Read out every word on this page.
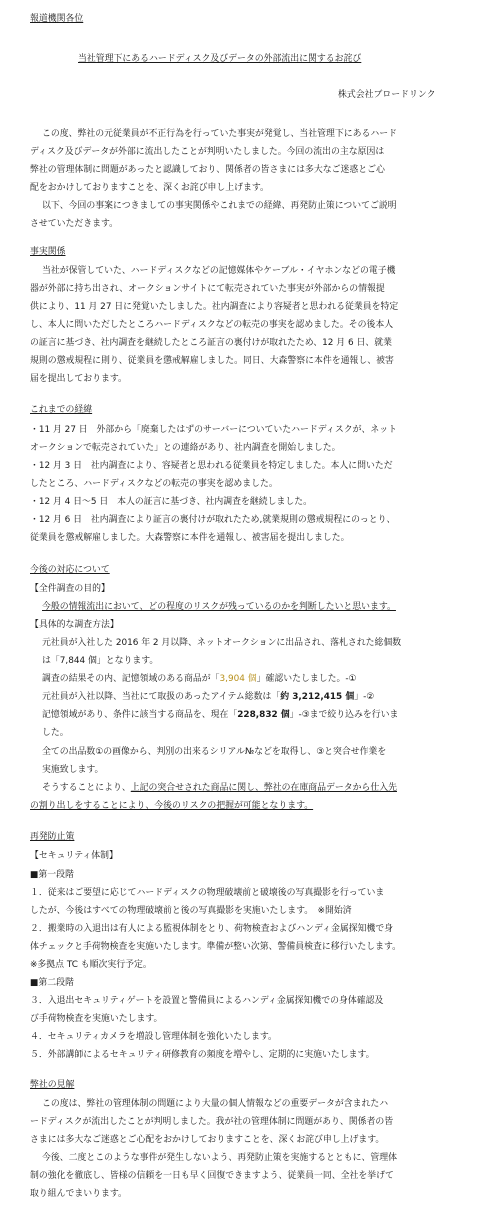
報道機関各位
当社管理下にあるハードディスク及びデータの外部流出に関するお詫び
株式会社ブロードリンク
この度、弊社の元従業員が不正行為を行っていた事実が発覚し、当社管理下にあるハード
ディスク及びデータが外部に流出したことが判明いたしました。今回の流出の主な原因は
弊社の管理体制に問題があったと認識しており、関係者の皆さまには多大なご迷惑とご心
配をおかけしておりますことを、深くお詫び申し上げます。
以下、今回の事案につきましての事実関係やこれまでの経緯、再発防止策についてご説明
させていただきます。
事実関係
当社が保管していた、ハードディスクなどの記憶媒体やケーブル・イヤホンなどの電子機
器が外部に持ち出され、オークションサイトにて転売されていた事実が外部からの情報提
供により、11 月 27 日に発覚いたしました。社内調査により容疑者と思われる従業員を特定
し、本人に問いただしたところハードディスクなどの転売の事実を認めました。その後本人
の証言に基づき、社内調査を継続したところ証言の裏付けが取れたため、12 月 6 日、就業
規則の懲戒規程に則り、従業員を懲戒解雇しました。同日、大森警察に本件を通報し、被害
届を提出しております。
これまでの経緯
・11 月 27 日　外部から「廃棄したはずのサーバーについていたハードディスクが、ネット
オークションで転売されていた」との連絡があり、社内調査を開始しました。
・12 月 3 日　社内調査により、容疑者と思われる従業員を特定しました。本人に問いただ
したところ、ハードディスクなどの転売の事実を認めました。
・12 月 4 日～5 日　本人の証言に基づき、社内調査を継続しました。
・12 月 6 日　社内調査により証言の裏付けが取れたため,就業規則の懲戒規程にのっとり、
従業員を懲戒解雇しました。大森警察に本件を通報し、被害届を提出しました。
今後の対応について
【全件調査の目的】
今般の情報流出において、どの程度のリスクが残っているのかを判断したいと思います。
【具体的な調査方法】
元社員が入社した 2016 年 2 月以降、ネットオークションに出品され、落札された総個数
は「7,844 個」となります。
調査の結果その内、記憶領域のある商品が「3,904 個」確認いたしました。-①
元社員が入社以降、当社にて取扱のあったアイテム総数は「約 3,212,415 個」-②
記憶領域があり、条件に該当する商品を、現在「228,832 個」-③まで絞り込みを行いま
した。
全ての出品数①の画像から、判別の出来るシリアル№などを取得し、③と突合せ作業を
実施致します。
そうすることにより、上記の突合せされた商品に関し、弊社の在庫商品データから仕入先
の割り出しをすることにより、今後のリスクの把握が可能となります。
再発防止策
【セキュリティ体制】
■第一段階
１．従来はご要望に応じてハードディスクの物理破壊前と破壊後の写真撮影を行っていま
したが、今後はすべての物理破壊前と後の写真撮影を実施いたします。　※開始済
２．搬業時の入退出は有人による監視体制をとり、荷物検査およびハンディ金属探知機で身
体チェックと手荷物検査を実施いたします。準備が整い次第、警備員検査に移行いたします。
※多拠点 TC も順次実行予定。
■第二段階
３．入退出セキュリティゲートを設置と警備員によるハンディ金属探知機での身体確認及
び手荷物検査を実施いたします。
４．セキュリティカメラを増設し管理体制を強化いたします。
５．外部講師によるセキュリティ研修教育の頻度を増やし、定期的に実施いたします。
弊社の見解
この度は、弊社の管理体制の問題により大量の個人情報などの重要データが含まれたハ
ードディスクが流出したことが判明しました。我が社の管理体制に問題があり、関係者の皆
さまには多大なご迷惑とご心配をおかけしておりますことを、深くお詫び申し上げます。
今後、二度とこのような事件が発生しないよう、再発防止策を実施するとともに、管理体
制の強化を徹底し、皆様の信頼を一日も早く回復できますよう、従業員一同、全社を挙げて
取り組んでまいります。
